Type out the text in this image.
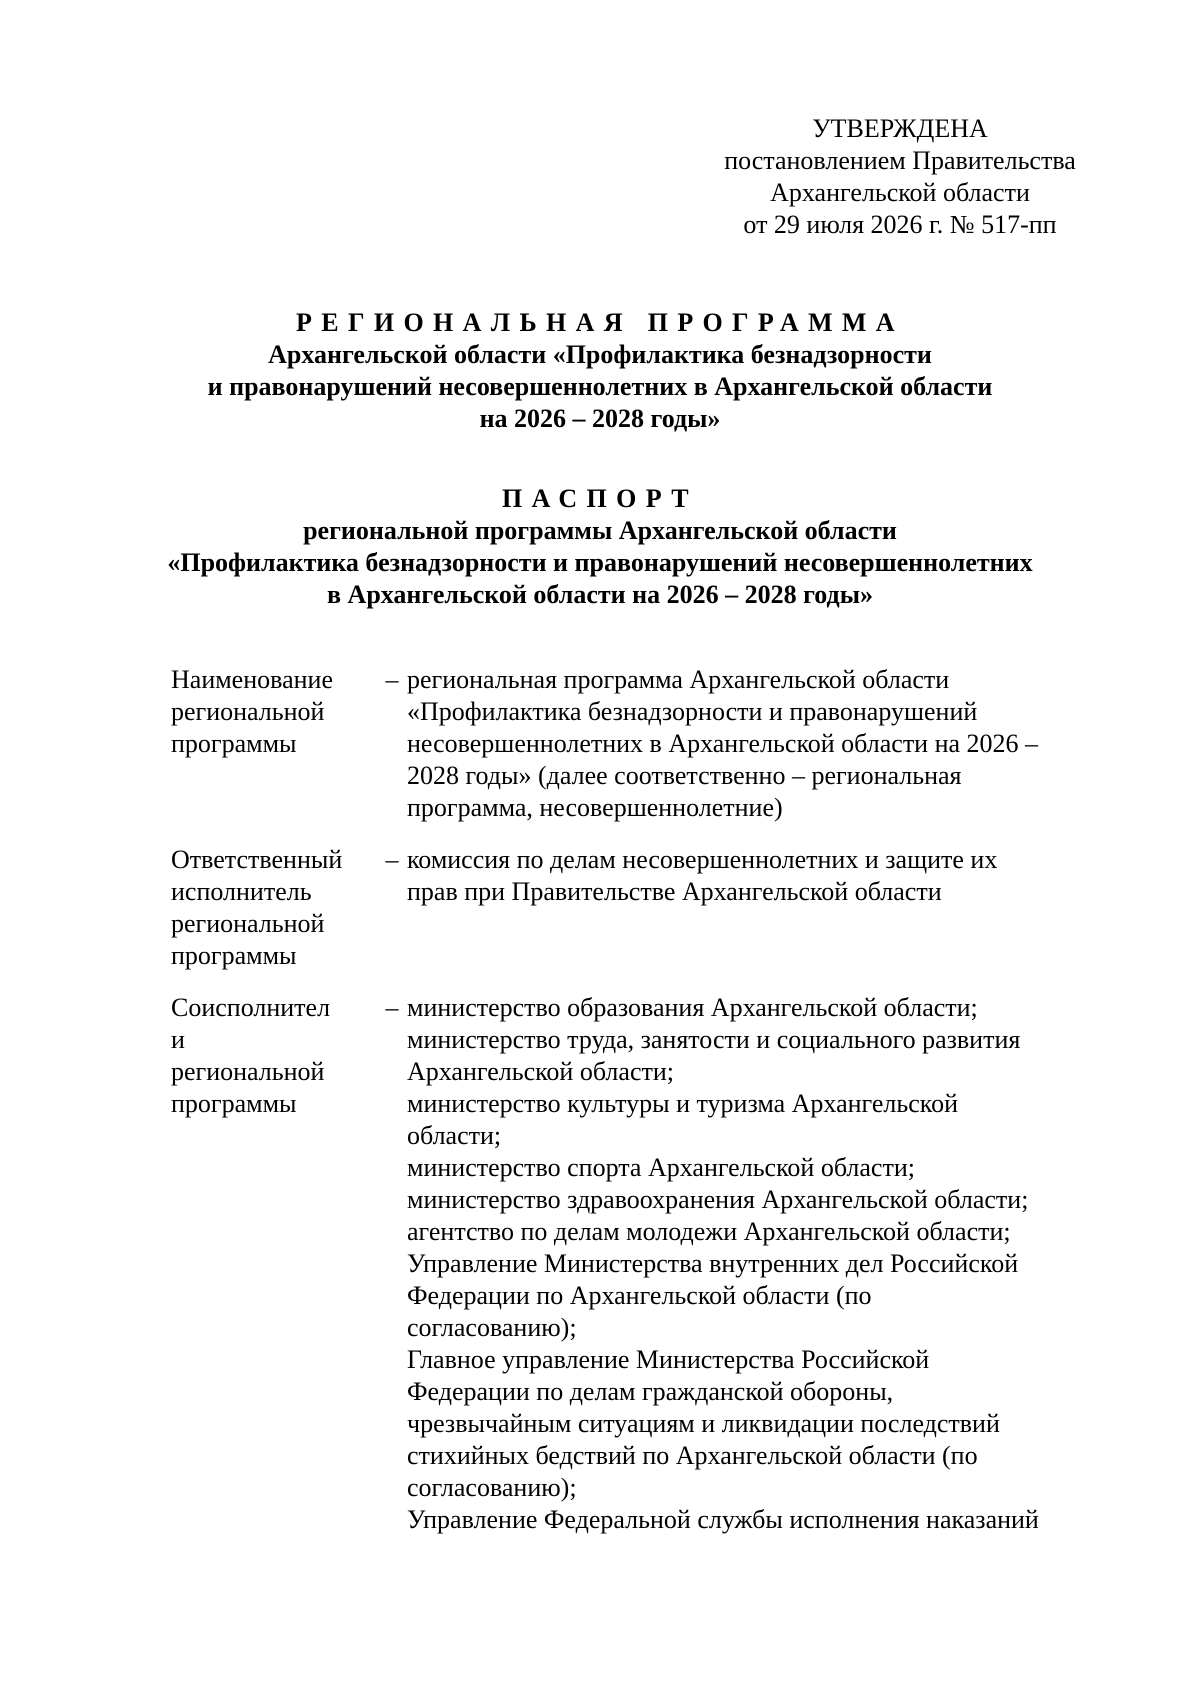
УТВЕРЖДЕНА
постановлением Правительства
Архангельской области
от 29 июля 2026 г. № 517-пп
РЕГИОНАЛЬНАЯ ПРОГРАММА
Архангельской области «Профилактика безнадзорности
и правонарушений несовершеннолетних в Архангельской области
на 2026 – 2028 годы»
ПАСПОРТ
региональной программы Архангельской области
«Профилактика безнадзорности и правонарушений несовершеннолетних
в Архангельской области на 2026 – 2028 годы»
Наименование
региональной
программы
– региональная программа Архангельской области
«Профилактика безнадзорности и правонарушений
несовершеннолетних в Архангельской области на 2026 –
2028 годы» (далее соответственно – региональная
программа, несовершеннолетние)
Ответственный
исполнитель
региональной
программы
– комиссия по делам несовершеннолетних и защите их
прав при Правительстве Архангельской области
Соисполнител
и
региональной
программы
– министерство образования Архангельской области;
министерство труда, занятости и социального развития
Архангельской области;
министерство культуры и туризма Архангельской
области;
министерство спорта Архангельской области;
министерство здравоохранения Архангельской области;
агентство по делам молодежи Архангельской области;
Управление Министерства внутренних дел Российской
Федерации по Архангельской области (по
согласованию);
Главное управление Министерства Российской
Федерации по делам гражданской обороны,
чрезвычайным ситуациям и ликвидации последствий
стихийных бедствий по Архангельской области (по
согласованию);
Управление Федеральной службы исполнения наказаний
